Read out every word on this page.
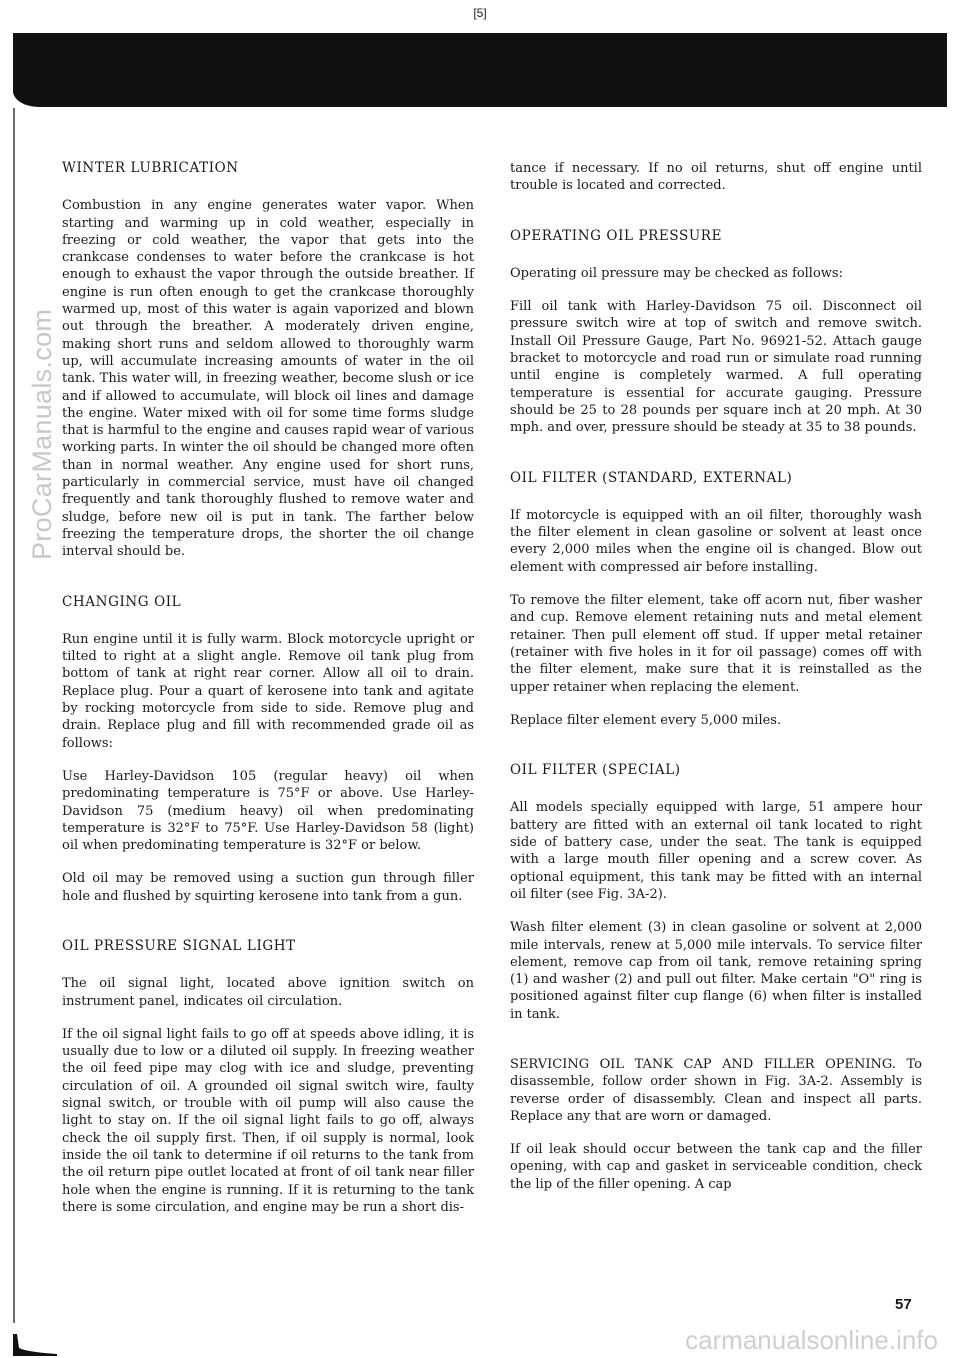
[5]
ProCarManuals.com
carmanualsonline.info
WINTER LUBRICATION

Combustion in any engine generates water vapor. When starting and warming up in cold weather, especially in freezing or cold weather, the vapor that gets into the crankcase condenses to water before the crankcase is hot enough to exhaust the vapor through the outside breather. If engine is run often enough to get the crankcase thoroughly warmed up, most of this water is again vaporized and blown out through the breather. A moderately driven engine, making short runs and seldom allowed to thoroughly warm up, will accumulate increasing amounts of water in the oil tank. This water will, in freezing weather, become slush or ice and if allowed to accumulate, will block oil lines and damage the engine. Water mixed with oil for some time forms sludge that is harmful to the engine and causes rapid wear of various working parts. In winter the oil should be changed more often than in normal weather. Any engine used for short runs, particularly in commercial service, must have oil changed frequently and tank thoroughly flushed to remove water and sludge, before new oil is put in tank. The farther below freezing the temperature drops, the shorter the oil change interval should be.

CHANGING OIL

Run engine until it is fully warm. Block motorcycle upright or tilted to right at a slight angle. Remove oil tank plug from bottom of tank at right rear corner. Allow all oil to drain. Replace plug. Pour a quart of kerosene into tank and agitate by rocking motorcycle from side to side. Remove plug and drain. Replace plug and fill with recommended grade oil as follows:

Use Harley-Davidson 105 (regular heavy) oil when predominating temperature is 75°F or above. Use Harley-Davidson 75 (medium heavy) oil when predominating temperature is 32°F to 75°F. Use Harley-Davidson 58 (light) oil when predominating temperature is 32°F or below.

Old oil may be removed using a suction gun through filler hole and flushed by squirting kerosene into tank from a gun.

OIL PRESSURE SIGNAL LIGHT

The oil signal light, located above ignition switch on instrument panel, indicates oil circulation.

If the oil signal light fails to go off at speeds above idling, it is usually due to low or a diluted oil supply. In freezing weather the oil feed pipe may clog with ice and sludge, preventing circulation of oil. A grounded oil signal switch wire, faulty signal switch, or trouble with oil pump will also cause the light to stay on. If the oil signal light fails to go off, always check the oil supply first. Then, if oil supply is normal, look inside the oil tank to determine if oil returns to the tank from the oil return pipe outlet located at front of oil tank near filler hole when the engine is running. If it is returning to the tank there is some circulation, and engine may be run a short dis-

tance if necessary. If no oil returns, shut off engine until trouble is located and corrected.

OPERATING OIL PRESSURE

Operating oil pressure may be checked as follows:

Fill oil tank with Harley-Davidson 75 oil. Disconnect oil pressure switch wire at top of switch and remove switch. Install Oil Pressure Gauge, Part No. 96921-52. Attach gauge bracket to motorcycle and road run or simulate road running until engine is completely warmed. A full operating temperature is essential for accurate gauging. Pressure should be 25 to 28 pounds per square inch at 20 mph. At 30 mph. and over, pressure should be steady at 35 to 38 pounds.

OIL FILTER (STANDARD, EXTERNAL)

If motorcycle is equipped with an oil filter, thoroughly wash the filter element in clean gasoline or solvent at least once every 2,000 miles when the engine oil is changed. Blow out element with compressed air before installing.

To remove the filter element, take off acorn nut, fiber washer and cup. Remove element retaining nuts and metal element retainer. Then pull element off stud. If upper metal retainer (retainer with five holes in it for oil passage) comes off with the filter element, make sure that it is reinstalled as the upper retainer when replacing the element.

Replace filter element every 5,000 miles.

OIL FILTER (SPECIAL)

All models specially equipped with large, 51 ampere hour battery are fitted with an external oil tank located to right side of battery case, under the seat. The tank is equipped with a large mouth filler opening and a screw cover. As optional equipment, this tank may be fitted with an internal oil filter (see Fig. 3A-2).

Wash filter element (3) in clean gasoline or solvent at 2,000 mile intervals, renew at 5,000 mile intervals. To service filter element, remove cap from oil tank, remove retaining spring (1) and washer (2) and pull out filter. Make certain "O" ring is positioned against filter cup flange (6) when filter is installed in tank.

SERVICING OIL TANK CAP AND FILLER OPENING. To disassemble, follow order shown in Fig. 3A-2. Assembly is reverse order of disassembly. Clean and inspect all parts. Replace any that are worn or damaged.

If oil leak should occur between the tank cap and the filler opening, with cap and gasket in serviceable condition, check the lip of the filler opening. A cap

57
